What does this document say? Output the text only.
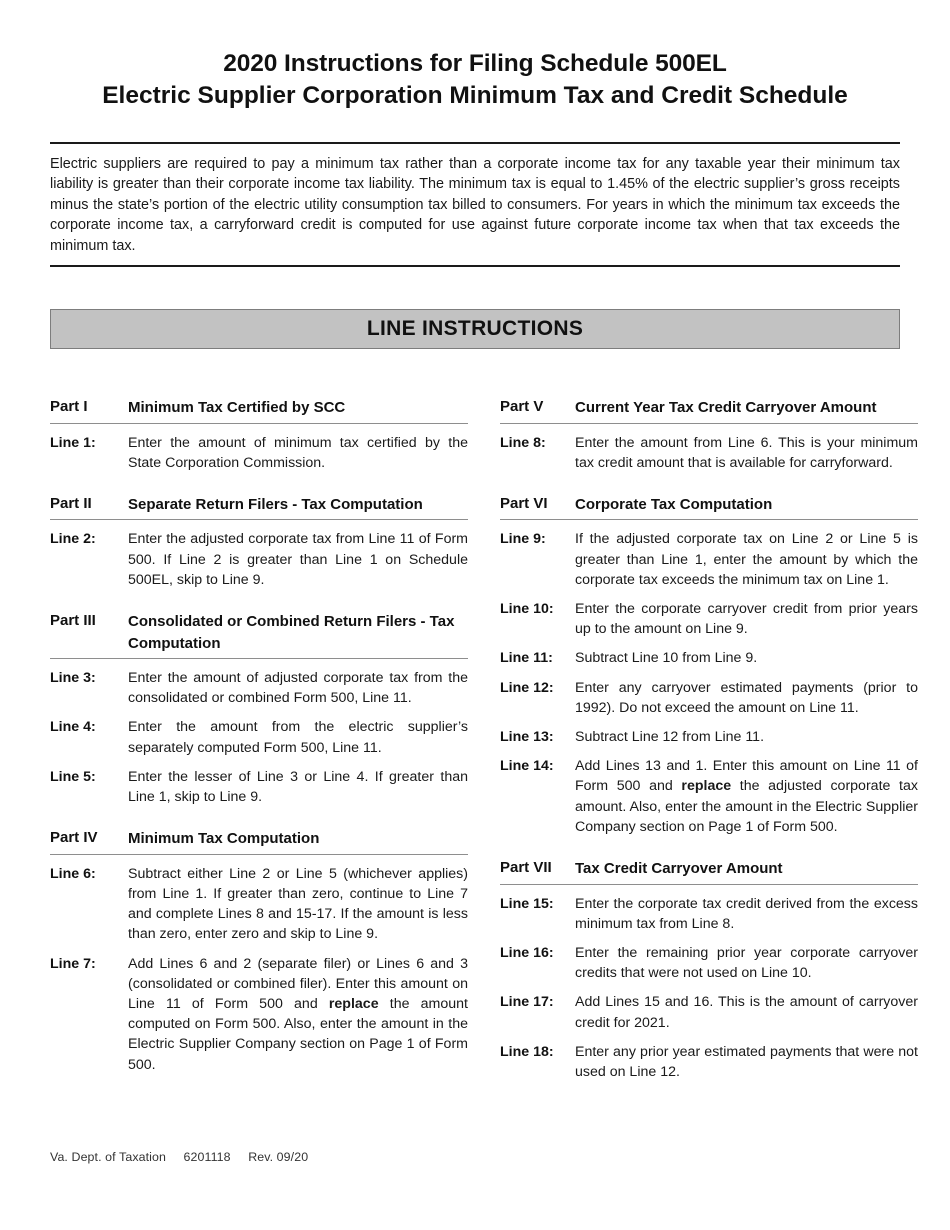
2020 Instructions for Filing Schedule 500EL
Electric Supplier Corporation Minimum Tax and Credit Schedule

Electric suppliers are required to pay a minimum tax rather than a corporate income tax for any taxable year their minimum tax liability is greater than their corporate income tax liability. The minimum tax is equal to 1.45% of the electric supplier’s gross receipts minus the state’s portion of the electric utility consumption tax billed to consumers. For years in which the minimum tax exceeds the corporate income tax, a carryforward credit is computed for use against future corporate income tax when that tax exceeds the minimum tax.

LINE INSTRUCTIONS
Part I	Minimum Tax Certified by SCC
Line 1:	Enter the amount of minimum tax certified by the State Corporation Commission.
Part II	Separate Return Filers - Tax Computation
Line 2:	Enter the adjusted corporate tax from Line 11 of Form 500. If Line 2 is greater than Line 1 on Schedule 500EL, skip to Line 9.
Part III	Consolidated or Combined Return Filers - Tax Computation
Line 3:	Enter the amount of adjusted corporate tax from the consolidated or combined Form 500, Line 11.
Line 4:	Enter the amount from the electric supplier’s separately computed Form 500, Line 11.
Line 5:	Enter the lesser of Line 3 or Line 4. If greater than Line 1, skip to Line 9.
Part IV	Minimum Tax Computation
Line 6:	Subtract either Line 2 or Line 5 (whichever applies) from Line 1. If greater than zero, continue to Line 7 and complete Lines 8 and 15-17. If the amount is less than zero, enter zero and skip to Line 9.
Line 7:	Add Lines 6 and 2 (separate filer) or Lines 6 and 3 (consolidated or combined filer). Enter this amount on Line 11 of Form 500 and replace the amount computed on Form 500. Also, enter the amount in the Electric Supplier Company section on Page 1 of Form 500.
Part V	Current Year Tax Credit Carryover Amount
Line 8:	Enter the amount from Line 6. This is your minimum tax credit amount that is available for carryforward.
Part VI	Corporate Tax Computation
Line 9:	If the adjusted corporate tax on Line 2 or Line 5 is greater than Line 1, enter the amount by which the corporate tax exceeds the minimum tax on Line 1.
Line 10:	Enter the corporate carryover credit from prior years up to the amount on Line 9.
Line 11:	Subtract Line 10 from Line 9.
Line 12:	Enter any carryover estimated payments (prior to 1992). Do not exceed the amount on Line 11.
Line 13:	Subtract Line 12 from Line 11.
Line 14:	Add Lines 13 and 1. Enter this amount on Line 11 of Form 500 and replace the adjusted corporate tax amount. Also, enter the amount in the Electric Supplier Company section on Page 1 of Form 500.
Part VII	Tax Credit Carryover Amount
Line 15:	Enter the corporate tax credit derived from the excess minimum tax from Line 8.
Line 16:	Enter the remaining prior year corporate carryover credits that were not used on Line 10.
Line 17:	Add Lines 15 and 16. This is the amount of carryover credit for 2021.
Line 18:	Enter any prior year estimated payments that were not used on Line 12.
Va. Dept. of Taxation 6201118 Rev. 09/20
